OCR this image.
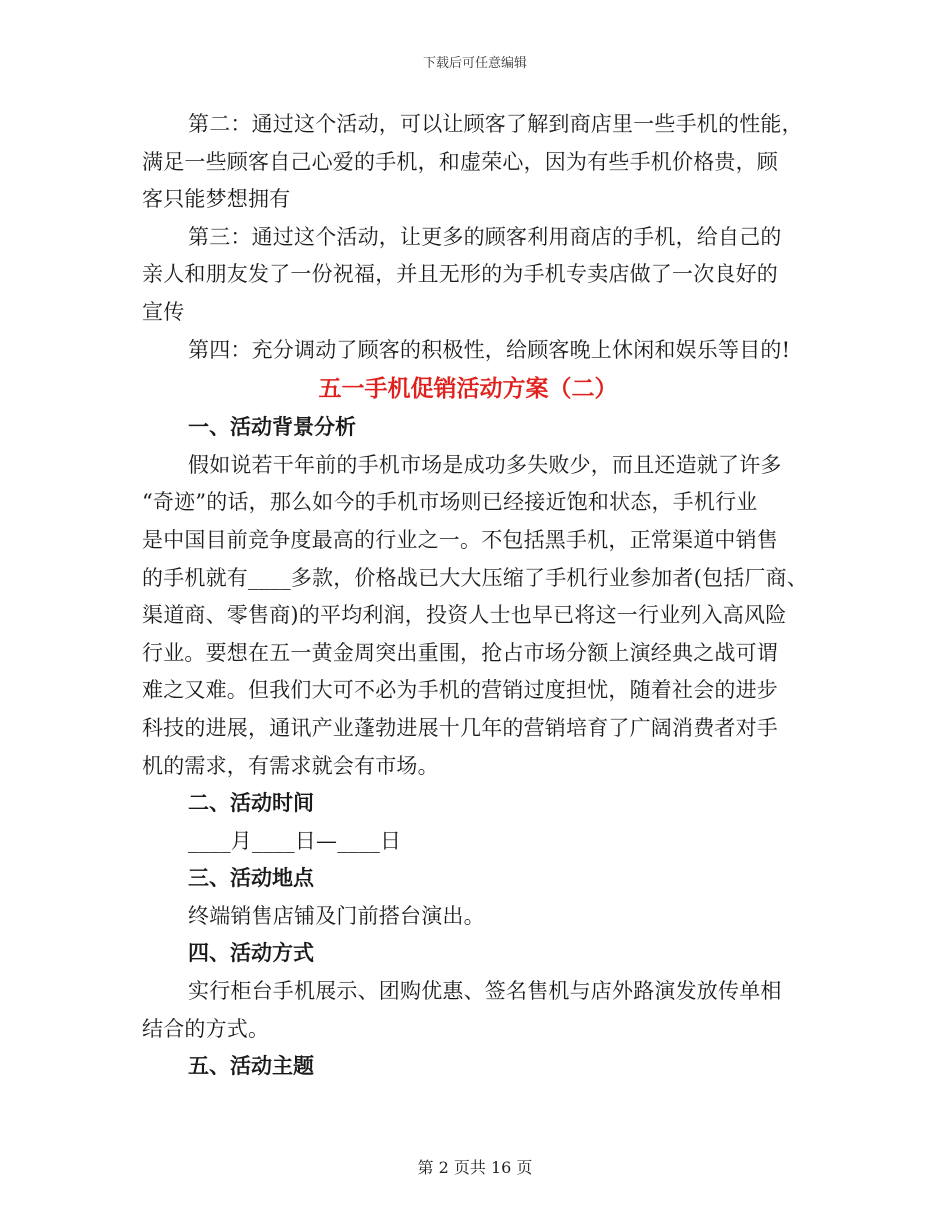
下载后可任意编辑
第二：通过这个活动，可以让顾客了解到商店里一些手机的性能，
满足一些顾客自己心爱的手机，和虚荣心，因为有些手机价格贵，顾
客只能梦想拥有
第三：通过这个活动，让更多的顾客利用商店的手机，给自己的
亲人和朋友发了一份祝福，并且无形的为手机专卖店做了一次良好的
宣传
第四：充分调动了顾客的积极性，给顾客晚上休闲和娱乐等目的!
五一手机促销活动方案（二）
一、活动背景分析
假如说若干年前的手机市场是成功多失败少，而且还造就了许多
“奇迹”的话，那么如今的手机市场则已经接近饱和状态，手机行业
是中国目前竞争度最高的行业之一。不包括黑手机，正常渠道中销售
的手机就有____多款，价格战已大大压缩了手机行业参加者(包括厂商、
渠道商、零售商)的平均利润，投资人士也早已将这一行业列入高风险
行业。要想在五一黄金周突出重围，抢占市场分额上演经典之战可谓
难之又难。但我们大可不必为手机的营销过度担忧，随着社会的进步
科技的进展，通讯产业蓬勃进展十几年的营销培育了广阔消费者对手
机的需求，有需求就会有市场。
二、活动时间
____月____日—____日
三、活动地点
终端销售店铺及门前搭台演出。
四、活动方式
实行柜台手机展示、团购优惠、签名售机与店外路演发放传单相
结合的方式。
五、活动主题
第 2 页共 16 页
